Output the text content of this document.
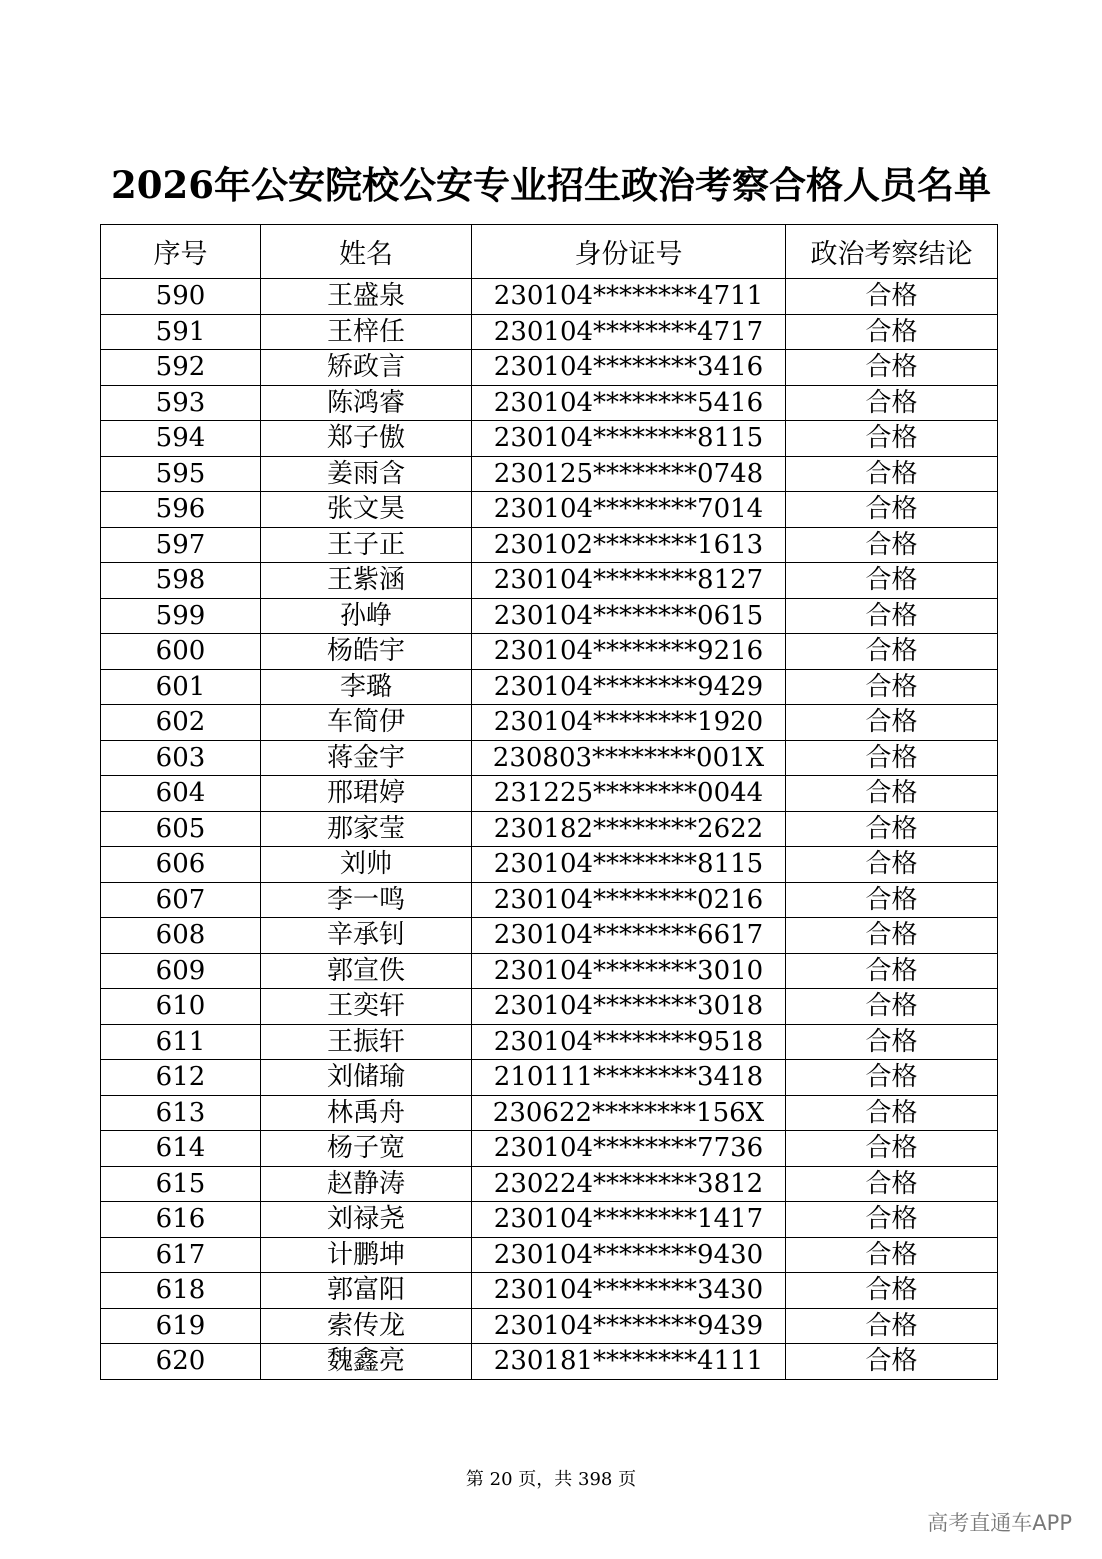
2026年公安院校公安专业招生政治考察合格人员名单
序号	姓名	身份证号	政治考察结论
590	王盛泉	230104********4711	合格
591	王梓任	230104********4717	合格
592	矫政言	230104********3416	合格
593	陈鸿睿	230104********5416	合格
594	郑子傲	230104********8115	合格
595	姜雨含	230125********0748	合格
596	张文昊	230104********7014	合格
597	王子正	230102********1613	合格
598	王紫涵	230104********8127	合格
599	孙峥	230104********0615	合格
600	杨皓宇	230104********9216	合格
601	李璐	230104********9429	合格
602	车简伊	230104********1920	合格
603	蒋金宇	230803********001X	合格
604	邢珺婷	231225********0044	合格
605	那家莹	230182********2622	合格
606	刘帅	230104********8115	合格
607	李一鸣	230104********0216	合格
608	辛承钊	230104********6617	合格
609	郭宣佚	230104********3010	合格
610	王奕轩	230104********3018	合格
611	王振轩	230104********9518	合格
612	刘储瑜	210111********3418	合格
613	林禹舟	230622********156X	合格
614	杨子宽	230104********7736	合格
615	赵静涛	230224********3812	合格
616	刘禄尧	230104********1417	合格
617	计鹏坤	230104********9430	合格
618	郭富阳	230104********3430	合格
619	索传龙	230104********9439	合格
620	魏鑫亮	230181********4111	合格
第 20 页，共 398 页
高考直通车APP
